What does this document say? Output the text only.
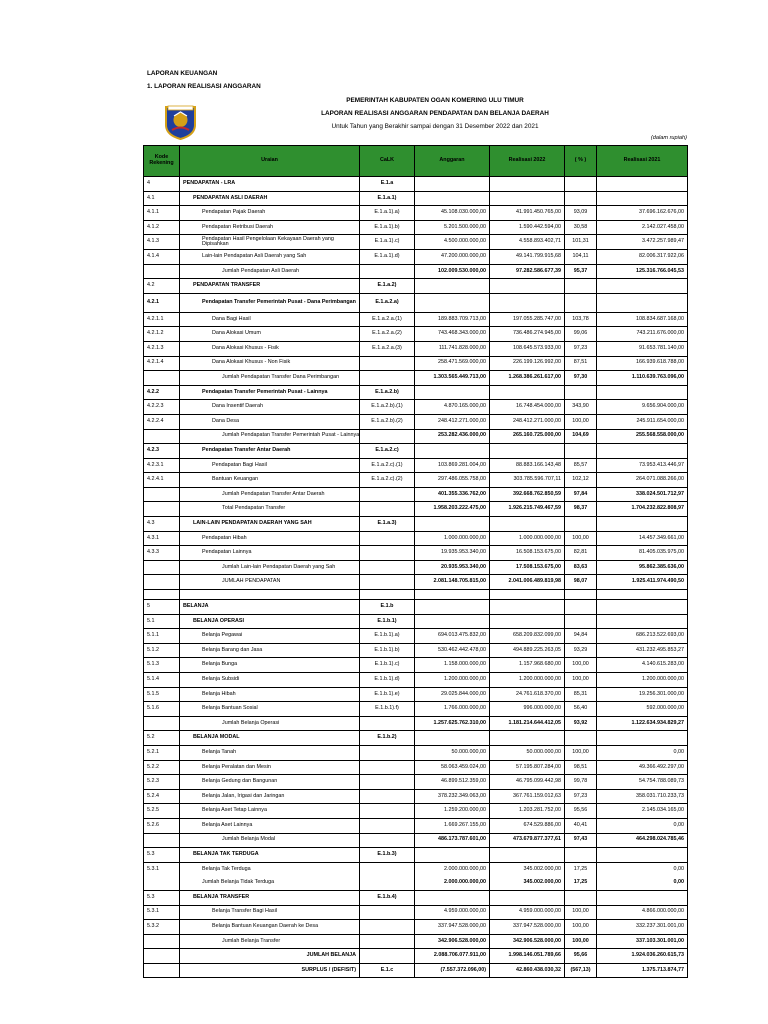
LAPORAN KEUANGAN
1. LAPORAN REALISASI ANGGARAN
PEMERINTAH KABUPATEN OGAN KOMERING ULU TIMUR
LAPORAN REALISASI ANGGARAN PENDAPATAN DAN BELANJA DAERAH
Untuk Tahun yang Berakhir sampai dengan 31 Desember 2022 dan 2021
(dalam rupiah)
Kode Rekening	Uraian	CaLK	Anggaran	Realisasi 2022	( % )	Realisasi 2021
4	PENDAPATAN - LRA	E.1.a				
4.1	PENDAPATAN ASLI DAERAH	E.1.a.1)				
4.1.1	Pendapatan Pajak Daerah	E.1.a.1).a)	45.108.030.000,00	41.991.450.765,00	93,09	37.696.162.676,00
4.1.2	Pendapatan Retribusi Daerah	E.1.a.1).b)	5.201.500.000,00	1.590.442.594,00	30,58	2.142.027.458,00
4.1.3	Pendapatan Hasil Pengelolaan Kekayaan Daerah yang Dipisahkan	E.1.a.1).c)	4.500.000.000,00	4.558.893.402,71	101,31	3.472.257.989,47
4.1.4	Lain-lain Pendapatan Asli Daerah yang Sah	E.1.a.1).d)	47.200.000.000,00	49.141.799.915,68	104,11	82.006.317.922,06
	Jumlah Pendapatan Asli Daerah		102.009.530.000,00	97.282.586.677,39	95,37	125.316.766.045,53
4.2	PENDAPATAN TRANSFER	E.1.a.2)				
4.2.1	Pendapatan Transfer Pemerintah Pusat - Dana Perimbangan	E.1.a.2.a)				
4.2.1.1	Dana Bagi Hasil	E.1.a.2.a.(1)	189.883.709.713,00	197.055.285.747,00	103,78	108.834.687.168,00
4.2.1.2	Dana Alokasi Umum	E.1.a.2.a.(2)	743.468.343.000,00	736.486.274.945,00	99,06	743.211.676.000,00
4.2.1.3	Dana Alokasi Khusus - Fisik	E.1.a.2.a.(3)	111.741.828.000,00	108.645.573.933,00	97,23	91.653.781.140,00
4.2.1.4	Dana Alokasi Khusus - Non Fisik		258.471.569.000,00	226.199.126.992,00	87,51	166.939.618.788,00
	Jumlah Pendapatan Transfer Dana Perimbangan		1.303.565.449.713,00	1.268.386.261.617,00	97,30	1.110.639.763.096,00
4.2.2	Pendapatan Transfer Pemerintah Pusat - Lainnya	E.1.a.2.b)				
4.2.2.3	Dana Insentif Daerah	E.1.a.2.b).(1)	4.870.165.000,00	16.748.454.000,00	343,90	9.656.904.000,00
4.2.2.4	Dana Desa	E.1.a.2.b).(2)	248.412.271.000,00	248.412.271.000,00	100,00	245.911.654.000,00
	Jumlah Pendapatan Transfer Pemerintah Pusat - Lainnya		253.282.436.000,00	265.160.725.000,00	104,69	255.568.558.000,00
4.2.3	Pendapatan Transfer Antar Daerah	E.1.a.2.c)				
4.2.3.1	Pendapatan Bagi Hasil	E.1.a.2.c).(1)	103.869.281.004,00	88.883.166.143,48	85,57	73.953.413.446,97
4.2.4.1	Bantuan Keuangan	E.1.a.2.c).(2)	297.486.055.758,00	303.785.596.707,11	102,12	264.071.088.266,00
	Jumlah Pendapatan Transfer Antar Daerah		401.355.336.762,00	392.668.762.850,59	97,84	338.024.501.712,97
	Total Pendapatan Transfer		1.958.203.222.475,00	1.926.215.749.467,59	98,37	1.704.232.822.808,97
4.3	LAIN-LAIN PENDAPATAN DAERAH YANG SAH	E.1.a.3)				
4.3.1	Pendapatan Hibah		1.000.000.000,00	1.000.000.000,00	100,00	14.457.349.661,00
4.3.3	Pendapatan Lainnya		19.935.953.340,00	16.508.153.675,00	82,81	81.405.035.975,00
	Jumlah Lain-lain Pendapatan Daerah yang Sah		20.935.953.340,00	17.508.153.675,00	83,63	95.862.385.636,00
	JUMLAH PENDAPATAN		2.081.148.705.815,00	2.041.006.489.819,98	98,07	1.925.411.974.490,50

5	BELANJA	E.1.b				
5.1	BELANJA OPERASI	E.1.b.1)				
5.1.1	Belanja Pegawai	E.1.b.1).a)	694.013.475.832,00	658.209.832.099,00	94,84	686.213.522.693,00
5.1.2	Belanja Barang dan Jasa	E.1.b.1).b)	530.462.442.478,00	494.889.225.263,05	93,29	431.232.495.853,27
5.1.3	Belanja Bunga	E.1.b.1).c)	1.158.000.000,00	1.157.968.680,00	100,00	4.140.615.283,00
5.1.4	Belanja Subsidi	E.1.b.1).d)	1.200.000.000,00	1.200.000.000,00	100,00	1.200.000.000,00
5.1.5	Belanja Hibah	E.1.b.1).e)	29.025.844.000,00	24.761.618.370,00	85,31	19.256.301.000,00
5.1.6	Belanja Bantuan Sosial	E.1.b.1).f)	1.766.000.000,00	996.000.000,00	56,40	592.000.000,00
	Jumlah Belanja Operasi		1.257.625.762.310,00	1.181.214.644.412,05	93,92	1.122.634.934.829,27
5.2	BELANJA MODAL	E.1.b.2)				
5.2.1	Belanja Tanah		50.000.000,00	50.000.000,00	100,00	0,00
5.2.2	Belanja Peralatan dan Mesin		58.063.459.024,00	57.195.807.284,00	98,51	49.366.492.297,00
5.2.3	Belanja Gedung dan Bangunan		46.899.512.359,00	46.795.099.442,98	99,78	54.754.788.089,73
5.2.4	Belanja Jalan, Irigasi dan Jaringan		378.232.349.063,00	367.761.159.012,63	97,23	358.031.710.233,73
5.2.5	Belanja Aset Tetap Lainnya		1.259.200.000,00	1.203.281.752,00	95,56	2.145.034.165,00
5.2.6	Belanja Aset Lainnya		1.669.267.155,00	674.529.886,00	40,41	0,00
	Jumlah Belanja Modal		486.173.787.601,00	473.679.877.377,61	97,43	464.298.024.785,46
5.3	BELANJA TAK TERDUGA	E.1.b.3)				
5.3.1	Belanja Tak Terduga		2.000.000.000,00	345.002.000,00	17,25	0,00
	Jumlah Belanja Tidak Terduga		2.000.000.000,00	345.002.000,00	17,25	0,00
5.3	BELANJA TRANSFER	E.1.b.4)				
5.3.1	Belanja Transfer Bagi Hasil		4.959.000.000,00	4.959.000.000,00	100,00	4.866.000.000,00
5.3.2	Belanja Bantuan Keuangan Daerah ke Desa		337.947.528.000,00	337.947.528.000,00	100,00	332.237.301.001,00
	Jumlah Belanja Transfer		342.906.528.000,00	342.906.528.000,00	100,00	337.103.301.001,00
	JUMLAH BELANJA		2.088.706.077.911,00	1.998.146.051.789,66	95,66	1.924.036.260.615,73
	SURPLUS / (DEFISIT)	E.1.c	(7.557.372.096,00)	42.860.438.030,32	(567,13)	1.375.713.874,77
